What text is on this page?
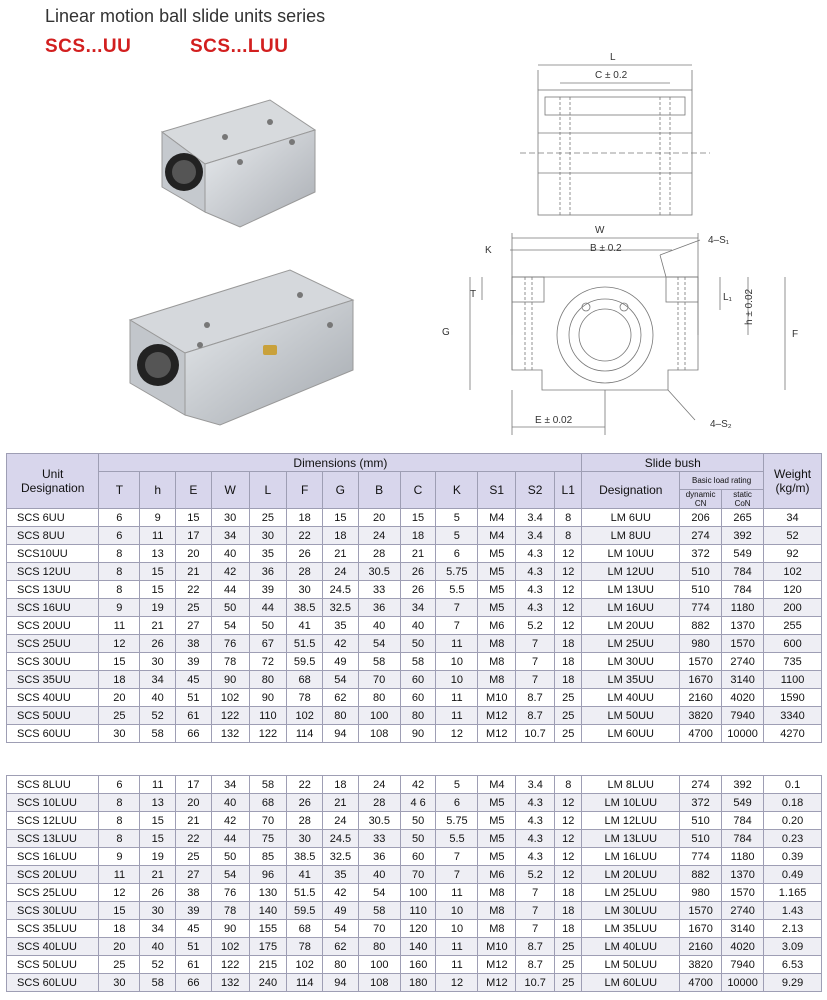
Linear motion ball slide units series
SCS...UU	SCS...LUU
L
C ± 0.2
W
B ± 0.2
K
4–S₁
T	L₁ h ± 0.02
G	F
E ± 0.02	4–S₂
Unit
Designation	Dimensions (mm)													Slide bush			Weight
(kg/m)
	T	h	E	W	L	F	G	B	C	K	S1	S2	L1	Designation	Basic load rating		
															dynamic
CN	static
CoN	
SCS 6UU	6	9	15	30	25	18	15	20	15	5	M4	3.4	8	LM 6UU	206	265	34
SCS 8UU	6	11	17	34	30	22	18	24	18	5	M4	3.4	8	LM 8UU	274	392	52
SCS10UU	8	13	20	40	35	26	21	28	21	6	M5	4.3	12	LM 10UU	372	549	92
SCS 12UU	8	15	21	42	36	28	24	30.5	26	5.75	M5	4.3	12	LM 12UU	510	784	102
SCS 13UU	8	15	22	44	39	30	24.5	33	26	5.5	M5	4.3	12	LM 13UU	510	784	120
SCS 16UU	9	19	25	50	44	38.5	32.5	36	34	7	M5	4.3	12	LM 16UU	774	1180	200
SCS 20UU	11	21	27	54	50	41	35	40	40	7	M6	5.2	12	LM 20UU	882	1370	255
SCS 25UU	12	26	38	76	67	51.5	42	54	50	11	M8	7	18	LM 25UU	980	1570	600
SCS 30UU	15	30	39	78	72	59.5	49	58	58	10	M8	7	18	LM 30UU	1570	2740	735
SCS 35UU	18	34	45	90	80	68	54	70	60	10	M8	7	18	LM 35UU	1670	3140	1100
SCS 40UU	20	40	51	102	90	78	62	80	60	11	M10	8.7	25	LM 40UU	2160	4020	1590
SCS 50UU	25	52	61	122	110	102	80	100	80	11	M12	8.7	25	LM 50UU	3820	7940	3340
SCS 60UU	30	58	66	132	122	114	94	108	90	12	M12	10.7	25	LM 60UU	4700	10000	4270
SCS 8LUU	6	11	17	34	58	22	18	24	42	5	M4	3.4	8	LM 8LUU	274	392	0.1
SCS 10LUU	8	13	20	40	68	26	21	28	4 6	6	M5	4.3	12	LM 10LUU	372	549	0.18
SCS 12LUU	8	15	21	42	70	28	24	30.5	50	5.75	M5	4.3	12	LM 12LUU	510	784	0.20
SCS 13LUU	8	15	22	44	75	30	24.5	33	50	5.5	M5	4.3	12	LM 13LUU	510	784	0.23
SCS 16LUU	9	19	25	50	85	38.5	32.5	36	60	7	M5	4.3	12	LM 16LUU	774	1180	0.39
SCS 20LUU	11	21	27	54	96	41	35	40	70	7	M6	5.2	12	LM 20LUU	882	1370	0.49
SCS 25LUU	12	26	38	76	130	51.5	42	54	100	11	M8	7	18	LM 25LUU	980	1570	1.165
SCS 30LUU	15	30	39	78	140	59.5	49	58	110	10	M8	7	18	LM 30LUU	1570	2740	1.43
SCS 35LUU	18	34	45	90	155	68	54	70	120	10	M8	7	18	LM 35LUU	1670	3140	2.13
SCS 40LUU	20	40	51	102	175	78	62	80	140	11	M10	8.7	25	LM 40LUU	2160	4020	3.09
SCS 50LUU	25	52	61	122	215	102	80	100	160	11	M12	8.7	25	LM 50LUU	3820	7940	6.53
SCS 60LUU	30	58	66	132	240	114	94	108	180	12	M12	10.7	25	LM 60LUU	4700	10000	9.29
